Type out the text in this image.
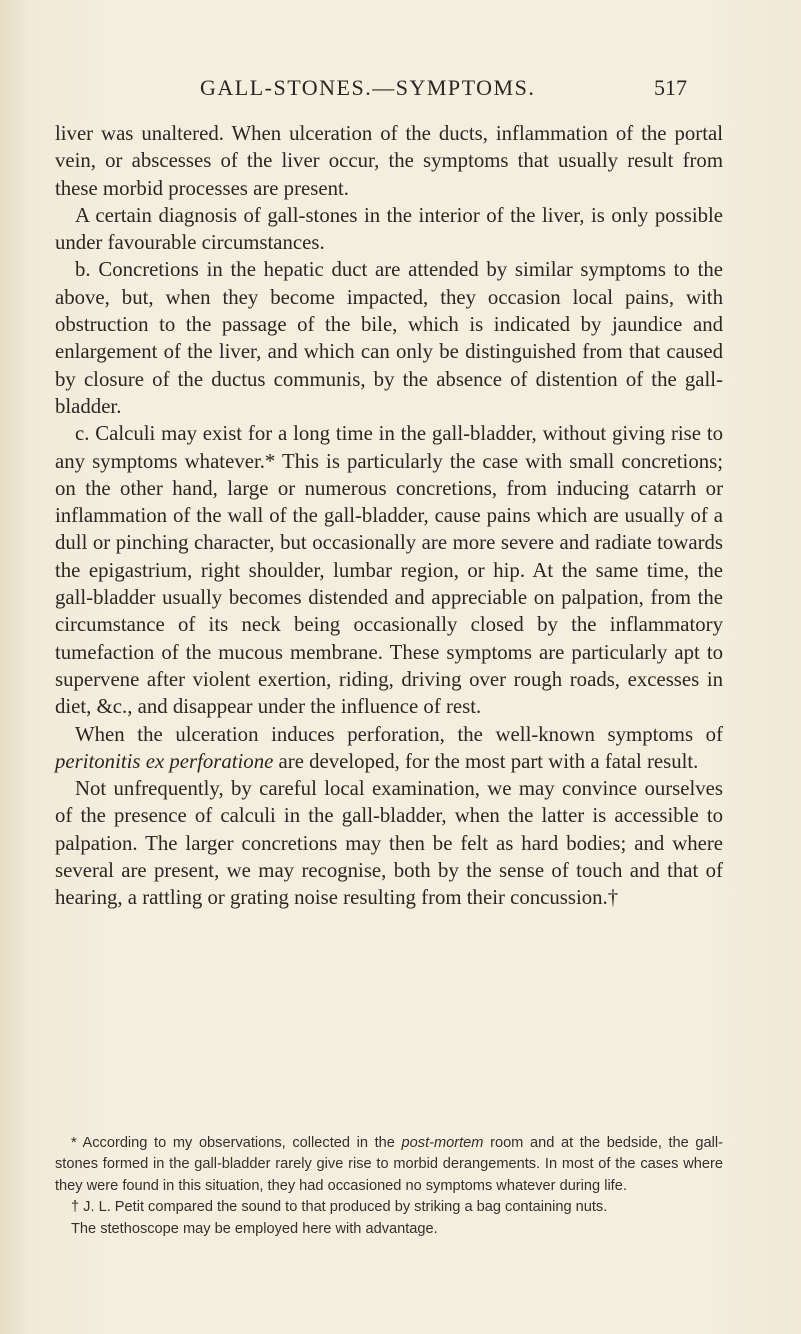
GALL-STONES.—SYMPTOMS.	517

liver was unaltered. When ulceration of the ducts, inflammation of the portal vein, or abscesses of the liver occur, the symptoms that usually result from these morbid processes are present.

A certain diagnosis of gall-stones in the interior of the liver, is only possible under favourable circumstances.

b. Concretions in the hepatic duct are attended by similar symptoms to the above, but, when they become impacted, they occasion local pains, with obstruction to the passage of the bile, which is indicated by jaundice and enlargement of the liver, and which can only be distinguished from that caused by closure of the ductus communis, by the absence of distention of the gall-bladder.

c. Calculi may exist for a long time in the gall-bladder, without giving rise to any symptoms whatever.* This is particularly the case with small concretions; on the other hand, large or numerous concretions, from inducing catarrh or inflammation of the wall of the gall-bladder, cause pains which are usually of a dull or pinching character, but occasionally are more severe and radiate towards the epigastrium, right shoulder, lumbar region, or hip. At the same time, the gall-bladder usually becomes distended and appreciable on palpation, from the circumstance of its neck being occasionally closed by the inflammatory tumefaction of the mucous membrane. These symptoms are particularly apt to supervene after violent exertion, riding, driving over rough roads, excesses in diet, &c., and disappear under the influence of rest.

When the ulceration induces perforation, the well-known symptoms of peritonitis ex perforatione are developed, for the most part with a fatal result.

Not unfrequently, by careful local examination, we may convince ourselves of the presence of calculi in the gall-bladder, when the latter is accessible to palpation. The larger concretions may then be felt as hard bodies; and where several are present, we may recognise, both by the sense of touch and that of hearing, a rattling or grating noise resulting from their concussion.†

* According to my observations, collected in the post-mortem room and at the bedside, the gall-stones formed in the gall-bladder rarely give rise to morbid derangements. In most of the cases where they were found in this situation, they had occasioned no symptoms whatever during life.

† J. L. Petit compared the sound to that produced by striking a bag containing nuts.

The stethoscope may be employed here with advantage.
